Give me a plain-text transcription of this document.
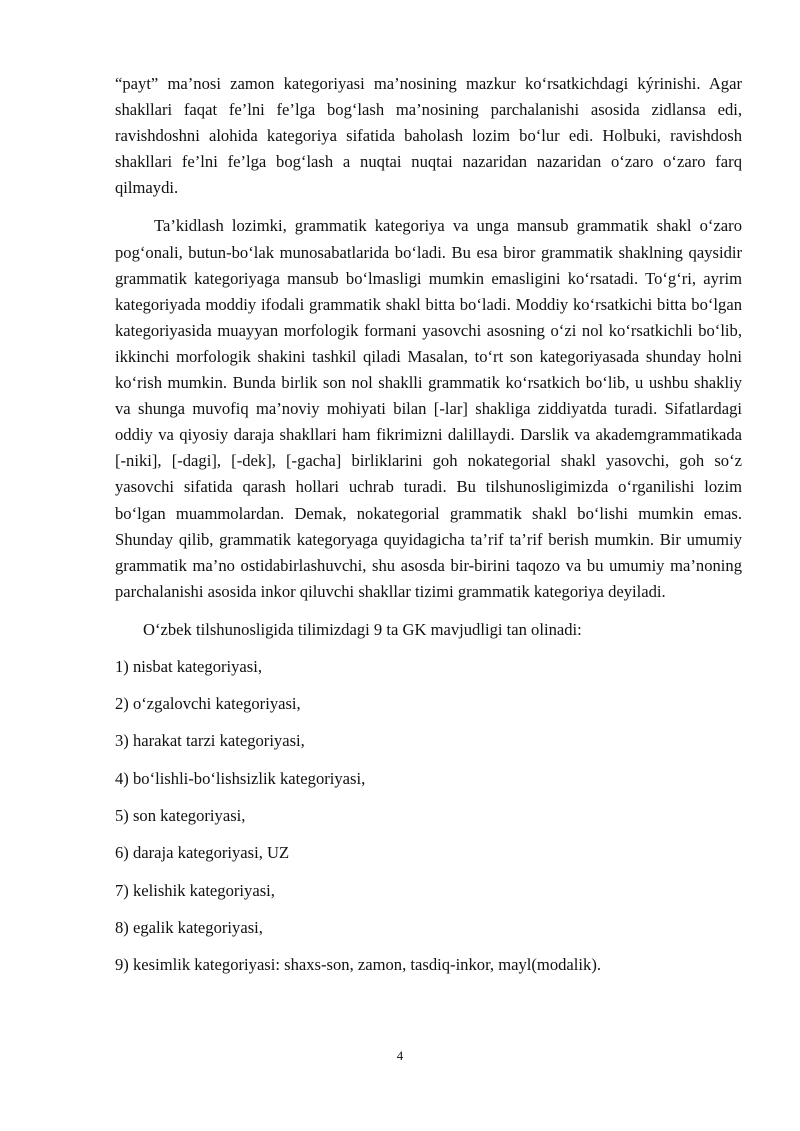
“payt” ma’nosi zamon kategoriyasi ma’nosining mazkur ko‘rsatkichdagi kýrinishi. Agar shakllari faqat fe’lni fe’lga bog‘lash ma’nosining parchalanishi asosida zidlansa edi, ravishdoshni alohida kategoriya sifatida baholash lozim bo‘lur edi. Holbuki, ravishdosh shakllari fe’lni fe’lga bog‘lash a nuqtai nuqtai nazaridan nazaridan o‘zaro o‘zaro farq qilmaydi.

Ta’kidlash lozimki, grammatik kategoriya va unga mansub grammatik shakl o‘zaro pog‘onali, butun-bo‘lak munosabatlarida bo‘ladi. Bu esa biror grammatik shaklning qaysidir grammatik kategoriyaga mansub bo‘lmasligi mumkin emasligini ko‘rsatadi. To‘g‘ri, ayrim kategoriyada moddiy ifodali grammatik shakl bitta bo‘ladi. Moddiy ko‘rsatkichi bitta bo‘lgan kategoriyasida muayyan morfologik formani yasovchi asosning o‘zi nol ko‘rsatkichli bo‘lib, ikkinchi morfologik shakini tashkil qiladi Masalan, to‘rt son kategoriyasada shunday holni ko‘rish mumkin. Bunda birlik son nol shaklli grammatik ko‘rsatkich bo‘lib, u ushbu shakliy va shunga muvofiq ma’noviy mohiyati bilan [-lar] shakliga ziddiyatda turadi. Sifatlardagi oddiy va qiyosiy daraja shakllari ham fikrimizni dalillaydi. Darslik va akademgrammatikada [-niki], [-dagi], [-dek], [-gacha] birliklarini goh nokategorial shakl yasovchi, goh so‘z yasovchi sifatida qarash hollari uchrab turadi. Bu tilshunosligimizda o‘rganilishi lozim bo‘lgan muammolardan. Demak, nokategorial grammatik shakl bo‘lishi mumkin emas. Shunday qilib, grammatik kategoryaga quyidagicha ta’rif ta’rif berish mumkin. Bir umumiy grammatik ma’no ostidabirlashuvchi, shu asosda bir-birini taqozo va bu umumiy ma’noning parchalanishi asosida inkor qiluvchi shakllar tizimi grammatik kategoriya deyiladi.

O‘zbek tilshunosligida tilimizdagi 9 ta GK mavjudligi tan olinadi:

1) nisbat kategoriyasi,

2) o‘zgalovchi kategoriyasi,

3) harakat tarzi kategoriyasi,

4) bo‘lishli-bo‘lishsizlik kategoriyasi,

5) son kategoriyasi,

6) daraja kategoriyasi, UZ

7) kelishik kategoriyasi,

8) egalik kategoriyasi,

9) kesimlik kategoriyasi: shaxs-son, zamon, tasdiq-inkor, mayl(modalik).

4
